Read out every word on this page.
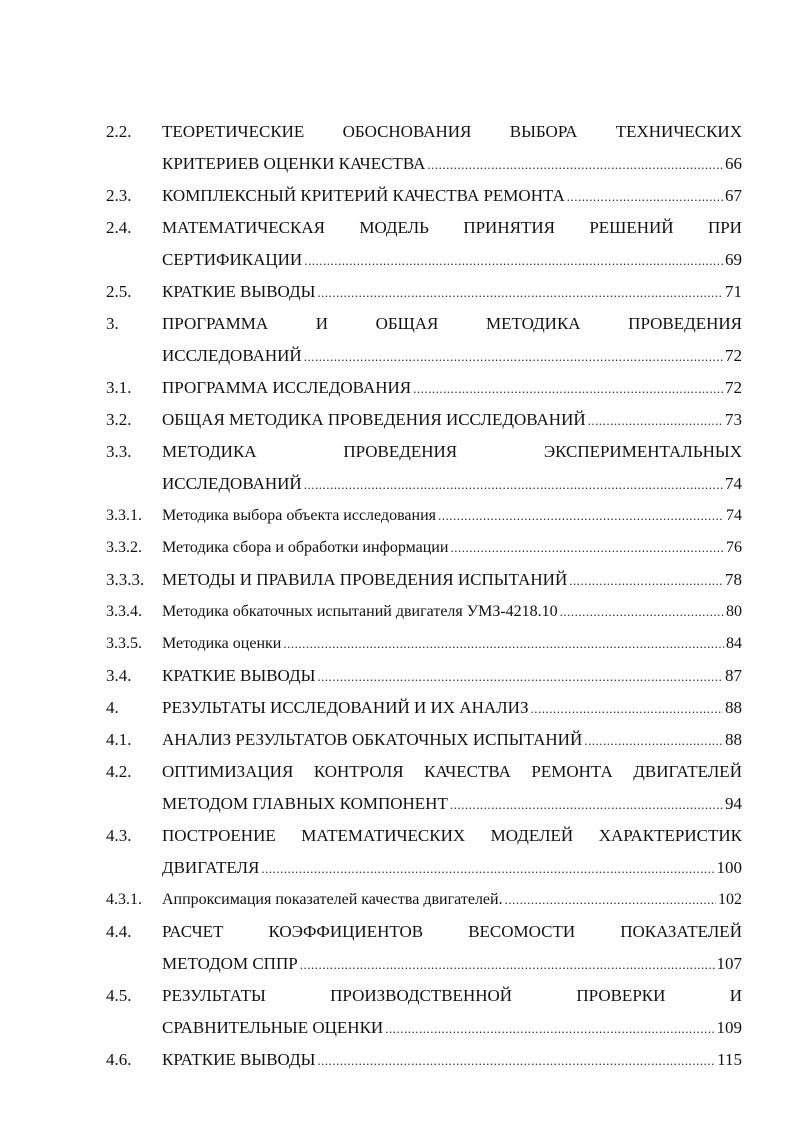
2.2.	ТЕОРЕТИЧЕСКИЕ ОБОСНОВАНИЯ ВЫБОРА ТЕХНИЧЕСКИХ
КРИТЕРИЕВ ОЦЕНКИ КАЧЕСТВА .....	66
2.3.	КОМПЛЕКСНЫЙ КРИТЕРИЙ КАЧЕСТВА РЕМОНТА .....	67
2.4.	МАТЕМАТИЧЕСКАЯ МОДЕЛЬ ПРИНЯТИЯ РЕШЕНИЙ ПРИ
СЕРТИФИКАЦИИ .....	69
2.5.	КРАТКИЕ ВЫВОДЫ .....	71
3.	ПРОГРАММА	И	ОБЩАЯ	МЕТОДИКА	ПРОВЕДЕНИЯ
ИССЛЕДОВАНИЙ .....	72
3.1.	ПРОГРАММА ИССЛЕДОВАНИЯ .....	72
3.2.	ОБЩАЯ МЕТОДИКА ПРОВЕДЕНИЯ ИССЛЕДОВАНИЙ .....	73
3.3.	МЕТОДИКА	ПРОВЕДЕНИЯ	ЭКСПЕРИМЕНТАЛЬНЫХ
ИССЛЕДОВАНИЙ .....	74
3.3.1.	Методика выбора объекта исследования .....	74
3.3.2.	Методика сбора и обработки информации .....	76
3.3.3.	МЕТОДЫ И ПРАВИЛА ПРОВЕДЕНИЯ ИСПЫТАНИЙ .....	78
3.3.4.	Методика обкаточных испытаний двигателя УМЗ-4218.10 .....	80
3.3.5.	Методика оценки .....	84
3.4.	КРАТКИЕ ВЫВОДЫ .....	87
4.	РЕЗУЛЬТАТЫ ИССЛЕДОВАНИЙ И ИХ АНАЛИЗ .....	88
4.1.	АНАЛИЗ РЕЗУЛЬТАТОВ ОБКАТОЧНЫХ ИСПЫТАНИЙ .....	88
4.2.	ОПТИМИЗАЦИЯ КОНТРОЛЯ КАЧЕСТВА РЕМОНТА ДВИГАТЕЛЕЙ
МЕТОДОМ ГЛАВНЫХ КОМПОНЕНТ .....	94
4.3.	ПОСТРОЕНИЕ МАТЕМАТИЧЕСКИХ МОДЕЛЕЙ ХАРАКТЕРИСТИК
ДВИГАТЕЛЯ .....	100
4.3.1.	Аппроксимация показателей качества двигателей. .....	102
4.4.	РАСЧЕТ	КОЭФФИЦИЕНТОВ	ВЕСОМОСТИ	ПОКАЗАТЕЛЕЙ
МЕТОДОМ СППР .....	107
4.5.	РЕЗУЛЬТАТЫ	ПРОИЗВОДСТВЕННОЙ	ПРОВЕРКИ	И
СРАВНИТЕЛЬНЫЕ ОЦЕНКИ .....	109
4.6.	КРАТКИЕ ВЫВОДЫ .....	115
